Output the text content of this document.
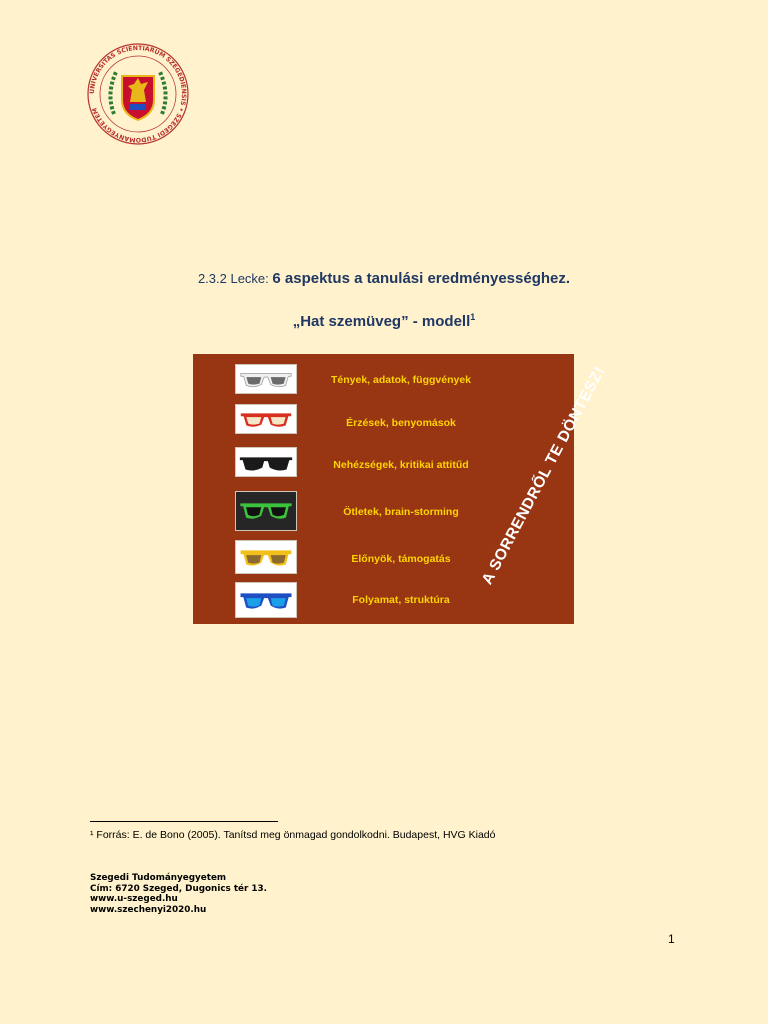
UNIVERSITAS SCIENTIARUM SZEGEDIENSIS • SZEGEDI TUDOMÁNYEGYETEM
2.3.2 Lecke: 6 aspektus a tanulási eredményességhez.
„Hat szemüveg” - modell$^1$
Tények, adatok, függvények
Érzések, benyomások
Nehézségek, kritikai attitűd
Ötletek, brain-storming
Előnyök, támogatás
Folyamat, struktúra
A SORRENDRŐL TE DÖNTESZ!
¹ Forrás: E. de Bono (2005). Tanítsd meg önmagad gondolkodni. Budapest, HVG Kiadó
Szegedi Tudományegyetem
Cím: 6720 Szeged, Dugonics tér 13.
www.u-szeged.hu
www.szechenyi2020.hu
1
